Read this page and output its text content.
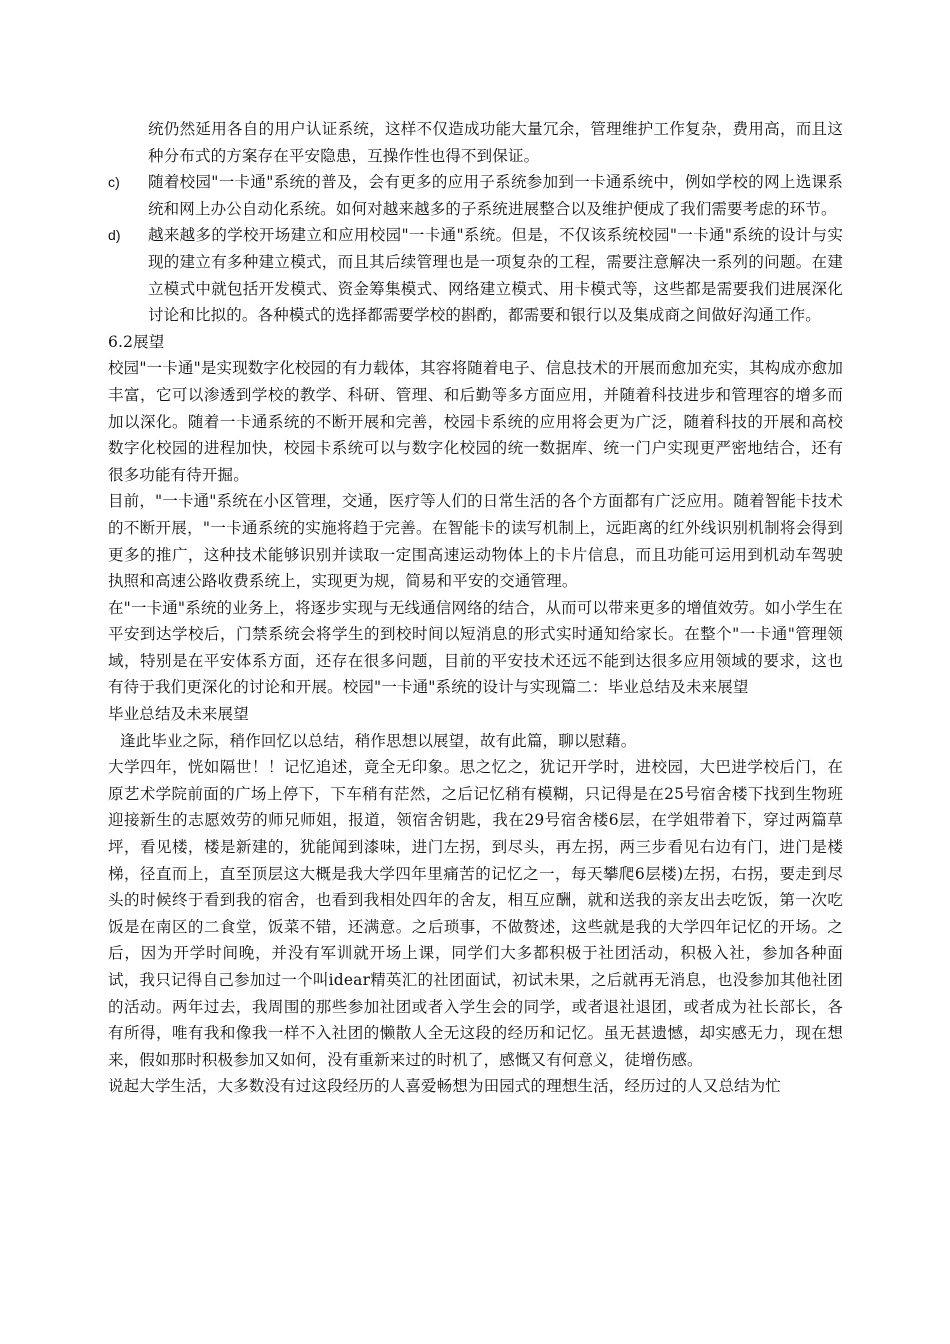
统仍然延用各自的用户认证系统，这样不仅造成功能大量冗余，管理维护工作复杂，费用高，而且这种分布式的方案存在平安隐患，互操作性也得不到保证。
c)	随着校园"一卡通"系统的普及，会有更多的应用子系统参加到一卡通系统中，例如学校的网上选课系统和网上办公自动化系统。如何对越来越多的子系统进展整合以及维护便成了我们需要考虑的环节。
d)	越来越多的学校开场建立和应用校园"一卡通"系统。但是，不仅该系统校园"一卡通"系统的设计与实现的建立有多种建立模式，而且其后续管理也是一项复杂的工程，需要注意解决一系列的问题。在建立模式中就包括开发模式、资金筹集模式、网络建立模式、用卡模式等，这些都是需要我们进展深化讨论和比拟的。各种模式的选择都需要学校的斟酌，都需要和银行以及集成商之间做好沟通工作。
6.2展望
校园"一卡通"是实现数字化校园的有力载体，其容将随着电子、信息技术的开展而愈加充实，其构成亦愈加丰富，它可以渗透到学校的教学、科研、管理、和后勤等多方面应用，并随着科技进步和管理容的增多而加以深化。随着一卡通系统的不断开展和完善，校园卡系统的应用将会更为广泛，随着科技的开展和高校数字化校园的进程加快，校园卡系统可以与数字化校园的统一数据库、统一门户实现更严密地结合，还有很多功能有待开掘。
目前，"一卡通"系统在小区管理，交通，医疗等人们的日常生活的各个方面都有广泛应用。随着智能卡技术的不断开展，"一卡通系统的实施将趋于完善。在智能卡的读写机制上，远距离的红外线识别机制将会得到更多的推广，这种技术能够识别并读取一定围高速运动物体上的卡片信息，而且功能可运用到机动车驾驶执照和高速公路收费系统上，实现更为规，简易和平安的交通管理。
在"一卡通"系统的业务上，将逐步实现与无线通信网络的结合，从而可以带来更多的增值效劳。如小学生在平安到达学校后，门禁系统会将学生的到校时间以短消息的形式实时通知给家长。在整个"一卡通"管理领域，特别是在平安体系方面，还存在很多问题，目前的平安技术还远不能到达很多应用领域的要求，这也有待于我们更深化的讨论和开展。校园"一卡通"系统的设计与实现篇二：毕业总结及未来展望
毕业总结及未来展望
逢此毕业之际，稍作回忆以总结，稍作思想以展望，故有此篇，聊以慰藉。
大学四年，恍如隔世！！记忆追述，竟全无印象。思之忆之，犹记开学时，进校园，大巴进学校后门，在原艺术学院前面的广场上停下，下车稍有茫然，之后记忆稍有模糊，只记得是在25号宿舍楼下找到生物班迎接新生的志愿效劳的师兄师姐，报道，领宿舍钥匙，我在29号宿舍楼6层，在学姐带着下，穿过两篇草坪，看见楼，楼是新建的，犹能闻到漆味，进门左拐，到尽头，再左拐，两三步看见右边有门，进门是楼梯，径直而上，直至顶层这大概是我大学四年里痛苦的记忆之一，每天攀爬6层楼)左拐，右拐，要走到尽头的时候终于看到我的宿舍，也看到我相处四年的舍友，相互应酬，就和送我的亲友出去吃饭，第一次吃饭是在南区的二食堂，饭菜不错，还满意。之后琐事，不做赘述，这些就是我的大学四年记忆的开场。之后，因为开学时间晚，并没有军训就开场上课，同学们大多都积极于社团活动，积极入社，参加各种面试，我只记得自己参加过一个叫idear精英汇的社团面试，初试未果，之后就再无消息，也没参加其他社团的活动。两年过去，我周围的那些参加社团或者入学生会的同学，或者退社退团，或者成为社长部长，各有所得，唯有我和像我一样不入社团的懒散人全无这段的经历和记忆。虽无甚遗憾，却实感无力，现在想来，假如那时积极参加又如何，没有重新来过的时机了，感慨又有何意义，徒增伤感。
说起大学生活，大多数没有过这段经历的人喜爱畅想为田园式的理想生活，经历过的人又总结为忙
